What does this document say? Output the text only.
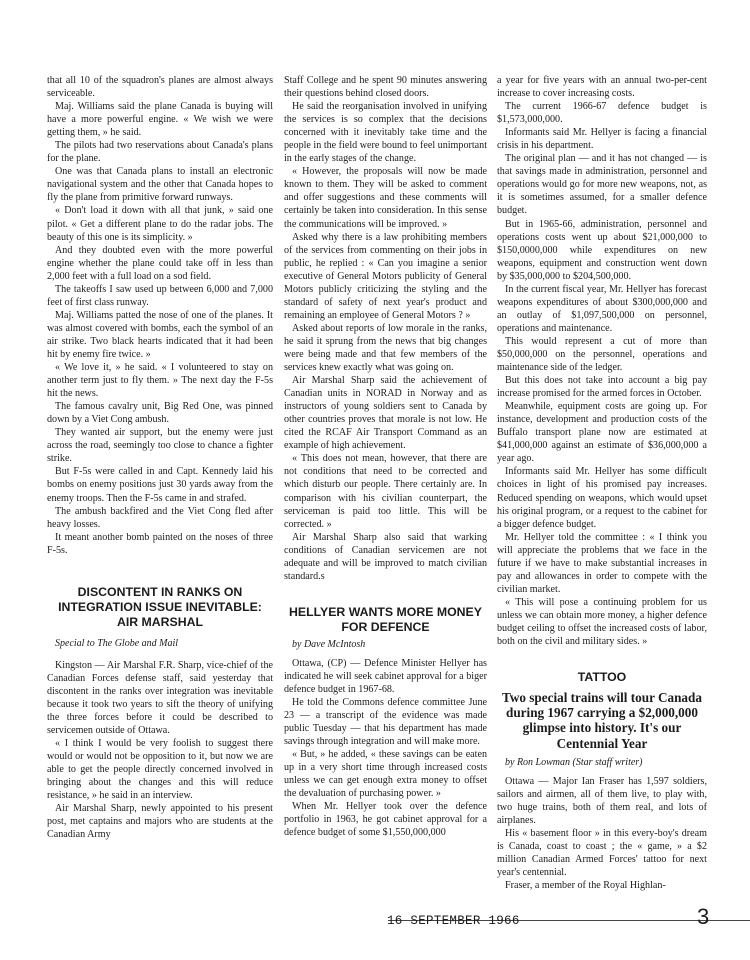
that all 10 of the squadron's planes are almost always serviceable.

Maj. Williams said the plane Canada is buying will have a more powerful engine. « We wish we were getting them, » he said.

The pilots had two reservations about Canada's plans for the plane.

One was that Canada plans to install an electronic navigational system and the other that Canada hopes to fly the plane from primitive forward runways.

« Don't load it down with all that junk, » said one pilot. « Get a different plane to do the radar jobs. The beauty of this one is its simplicity. »

And they doubted even with the more powerful engine whether the plane could take off in less than 2,000 feet with a full load on a sod field.

The takeoffs I saw used up between 6,000 and 7,000 feet of first class runway.

Maj. Williams patted the nose of one of the planes. It was almost covered with bombs, each the symbol of an air strike. Two black hearts indicated that it had been hit by enemy fire twice. »

« We love it, » he said. « I volunteered to stay on another term just to fly them. » The next day the F-5s hit the news.

The famous cavalry unit, Big Red One, was pinned down by a Viet Cong ambush.

They wanted air support, but the enemy were just across the road, seemingly too close to chance a fighter strike.

But F-5s were called in and Capt. Kennedy laid his bombs on enemy positions just 30 yards away from the enemy troops. Then the F-5s came in and strafed.

The ambush backfired and the Viet Cong fled after heavy losses.

It meant another bomb painted on the noses of three F-5s.

DISCONTENT IN RANKS ON INTEGRATION ISSUE INEVITABLE: AIR MARSHAL

Special to The Globe and Mail

Kingston — Air Marshal F.R. Sharp, vice-chief of the Canadian Forces defense staff, said yesterday that discontent in the ranks over integration was inevitable because it took two years to sift the theory of unifying the three forces before it could be described to servicemen outside of Ottawa.

« I think I would be very foolish to suggest there would or would not be opposition to it, but now we are able to get the people directly concerned involved in bringing about the changes and this will reduce resistance, » he said in an interview.

Air Marshal Sharp, newly appointed to his present post, met captains and majors who are students at the Canadian Army

Staff College and he spent 90 minutes answering their questions behind closed doors.

He said the reorganisation involved in unifying the services is so complex that the decisions concerned with it inevitably take time and the people in the field were bound to feel unimportant in the early stages of the change.

« However, the proposals will now be made known to them. They will be asked to comment and offer suggestions and these comments will certainly be taken into consideration. In this sense the communications will be improved. »

Asked why there is a law prohibiting members of the services from commenting on their jobs in public, he replied : « Can you imagine a senior executive of General Motors publicity of General Motors publicly criticizing the styling and the standard of safety of next year's product and remaining an employee of General Motors ? »

Asked about reports of low morale in the ranks, he said it sprung from the news that big changes were being made and that few members of the services knew exactly what was going on.

Air Marshal Sharp said the achievement of Canadian units in NORAD in Norway and as instructors of young soldiers sent to Canada by other countries proves that morale is not low. He cited the RCAF Air Transport Command as an example of high achievement.

« This does not mean, however, that there are not conditions that need to be corrected and which disturb our people. There certainly are. In comparison with his civilian counterpart, the serviceman is paid too little. This will be corrected. »

Air Marshal Sharp also said that warking conditions of Canadian servicemen are not adequate and will be improved to match civilian standard.s

HELLYER WANTS MORE MONEY FOR DEFENCE

by Dave McIntosh

Ottawa, (CP) — Defence Minister Hellyer has indicated he will seek cabinet approval for a biger defence budget in 1967-68.

He told the Commons defence committee June 23 — a transcript of the evidence was made public Tuesday — that his department has made savings through integration and will make more.

« But, » he added, « these savings can be eaten up in a very short time through increased costs unless we can get enough extra money to offset the devaluation of purchasing power. »

When Mr. Hellyer took over the defence portfolio in 1963, he got cabinet approval for a defence budget of some $1,550,000,000

a year for five years with an annual two-per-cent increase to cover increasing costs.

The current 1966-67 defence budget is $1,573,000,000.

Informants said Mr. Hellyer is facing a financial crisis in his department.

The original plan — and it has not changed — is that savings made in administration, personnel and operations would go for more new weapons, not, as it is sometimes assumed, for a smaller defence budget.

But in 1965-66, administration, personnel and operations costs went up about $21,000,000 to $150,0000,000 while expenditures on new weapons, equipment and construction went down by $35,000,000 to $204,500,000.

In the current fiscal year, Mr. Hellyer has forecast weapons expenditures of about $300,000,000 and an outlay of $1,097,500,000 on personnel, operations and maintenance.

This would represent a cut of more than $50,000,000 on the personnel, operations and maintenance side of the ledger.

But this does not take into account a big pay increase promised for the armed forces in October.

Meanwhile, equipment costs are going up. For instance, development and production costs of the Buffalo transport plane now are estimated at $41,000,000 against an estimate of $36,000,000 a year ago.

Informants said Mr. Hellyer has some difficult choices in light of his promised pay increases. Reduced spending on weapons, which would upset his original program, or a request to the cabinet for a bigger defence budget.

Mr. Hellyer told the committee : « I think you will appreciate the problems that we face in the future if we have to make substantial increases in pay and allowances in order to compete with the civilian market.

« This will pose a continuing problem for us unless we can obtain more money, a higher defence budget ceiling to offset the increased costs of labor, both on the civil and military sides. »

TATTOO
Two special trains will tour Canada during 1967 carrying a $2,000,000 glimpse into history. It's our Centennial Year

by Ron Lowman (Star staff writer)

Ottawa — Major Ian Fraser has 1,597 soldiers, sailors and airmen, all of them live, to play with, two huge trains, both of them real, and lots of airplanes.

His « basement floor » in this every-boy's dream is Canada, coast to coast ; the « game, » a $2 million Canadian Armed Forces' tattoo for next year's centennial.

Fraser, a member of the Royal Highlan-

16 SEPTEMBER 1966	3
